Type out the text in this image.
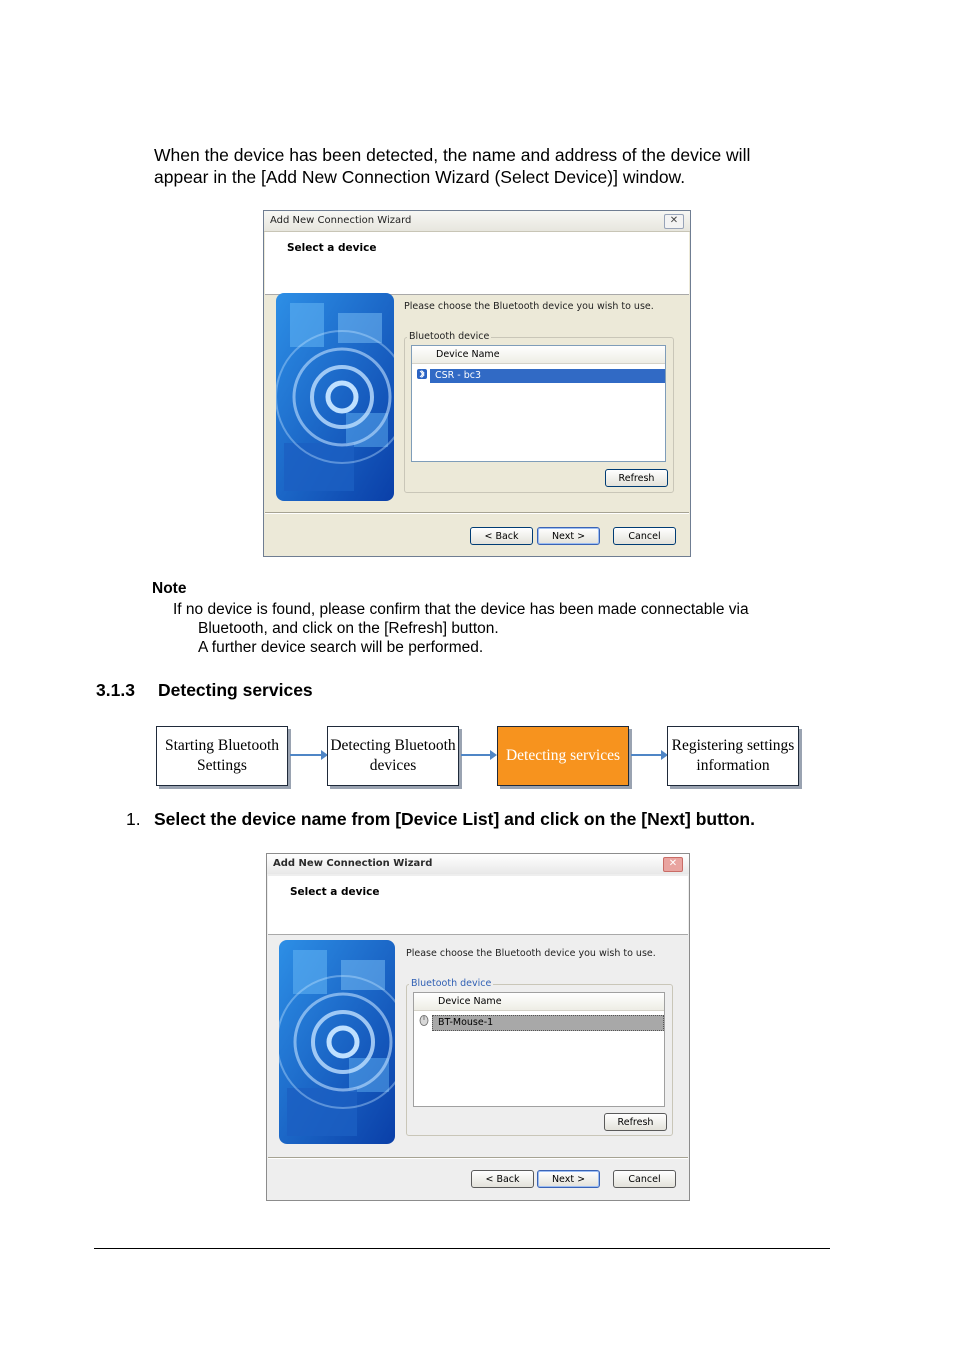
When the device has been detected, the name and address of the device will
appear in the [Add New Connection Wizard (Select Device)] window.
Add New Connection Wizard	✕
Select a device
Please choose the Bluetooth device you wish to use.
Bluetooth device
Device Name
CSR - bc3
Refresh
< Back	Next >	Cancel
Note
If no device is found, please confirm that the device has been made connectable via
Bluetooth, and click on the [Refresh] button.
A further device search will be performed.
3.1.3 Detecting services
Starting Bluetooth Settings
Detecting Bluetooth devices
Detecting services
Registering settings information
1. Select the device name from [Device List] and click on the [Next] button.
Add New Connection Wizard	✕
Select a device
Please choose the Bluetooth device you wish to use.
Bluetooth device
Device Name
BT-Mouse-1
Refresh
< Back	Next >	Cancel
